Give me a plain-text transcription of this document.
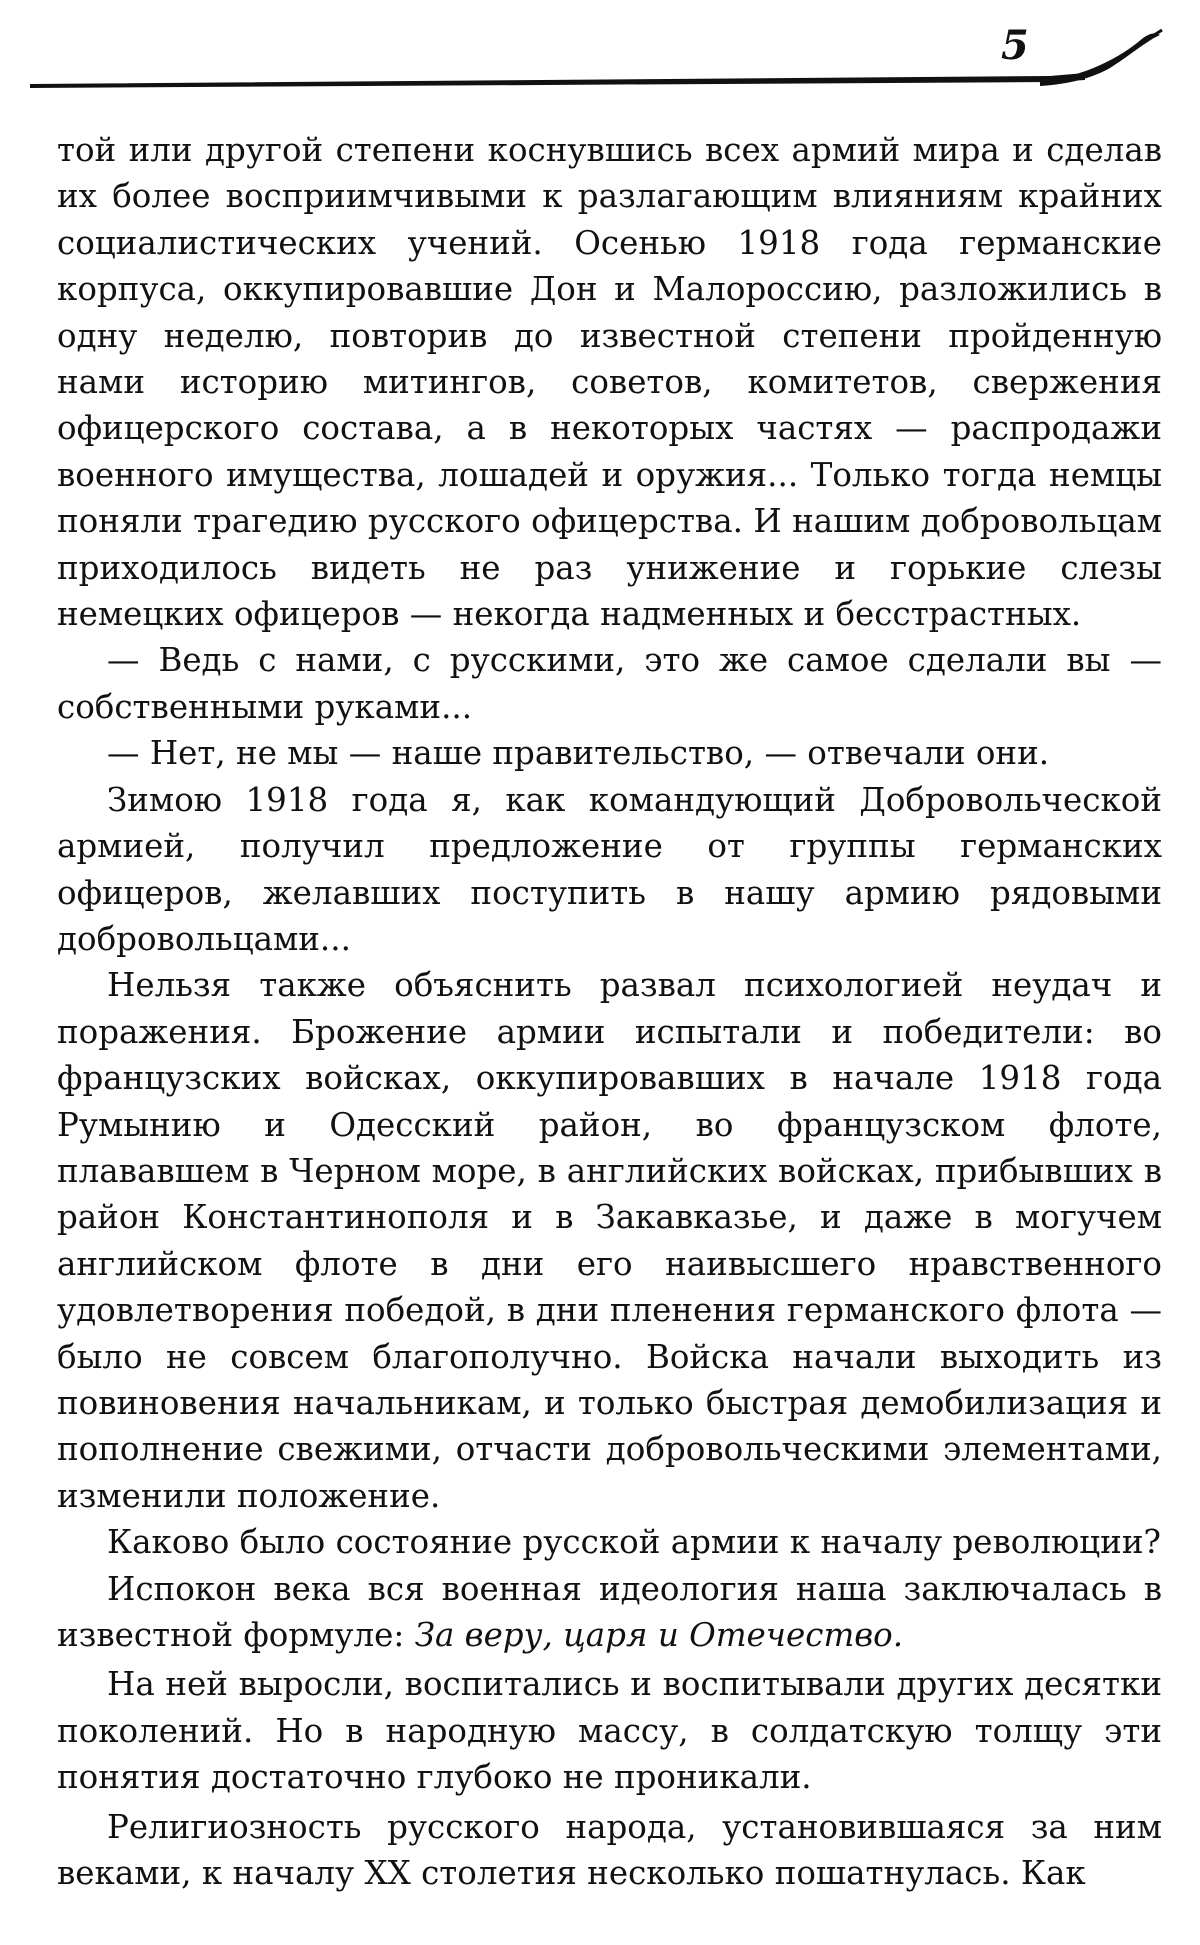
5

той или другой степени коснувшись всех армий мира и сделав их более восприимчивыми к разлагающим влияниям крайних социалистических учений. Осенью 1918 года германские корпуса, оккупировавшие Дон и Малороссию, разложились в одну неделю, повторив до известной степени пройденную нами историю митингов, советов, комитетов, свержения офицерского состава, а в некоторых частях — распродажи военного имущества, лошадей и оружия... Только тогда немцы поняли трагедию русского офицерства. И нашим добровольцам приходилось видеть не раз унижение и горькие слезы немецких офицеров — некогда надменных и бесстрастных.

— Ведь с нами, с русскими, это же самое сделали вы — собственными руками...

— Нет, не мы — наше правительство, — отвечали они.

Зимою 1918 года я, как командующий Добровольческой армией, получил предложение от группы германских офицеров, желавших поступить в нашу армию рядовыми добровольцами...

Нельзя также объяснить развал психологией неудач и поражения. Брожение армии испытали и победители: во французских войсках, оккупировавших в начале 1918 года Румынию и Одесский район, во французском флоте, плававшем в Черном море, в английских войсках, прибывших в район Константинополя и в Закавказье, и даже в могучем английском флоте в дни его наивысшего нравственного удовлетворения победой, в дни пленения германского флота — было не совсем благополучно. Войска начали выходить из повиновения начальникам, и только быстрая демобилизация и пополнение свежими, отчасти добровольческими элементами, изменили положение.

Каково было состояние русской армии к началу революции?

Испокон века вся военная идеология наша заключалась в известной формуле: За веру, царя и Отечество.

На ней выросли, воспитались и воспитывали других десятки поколений. Но в народную массу, в солдатскую толщу эти понятия достаточно глубоко не проникали.

Религиозность русского народа, установившаяся за ним веками, к началу XX столетия несколько пошатнулась. Как
